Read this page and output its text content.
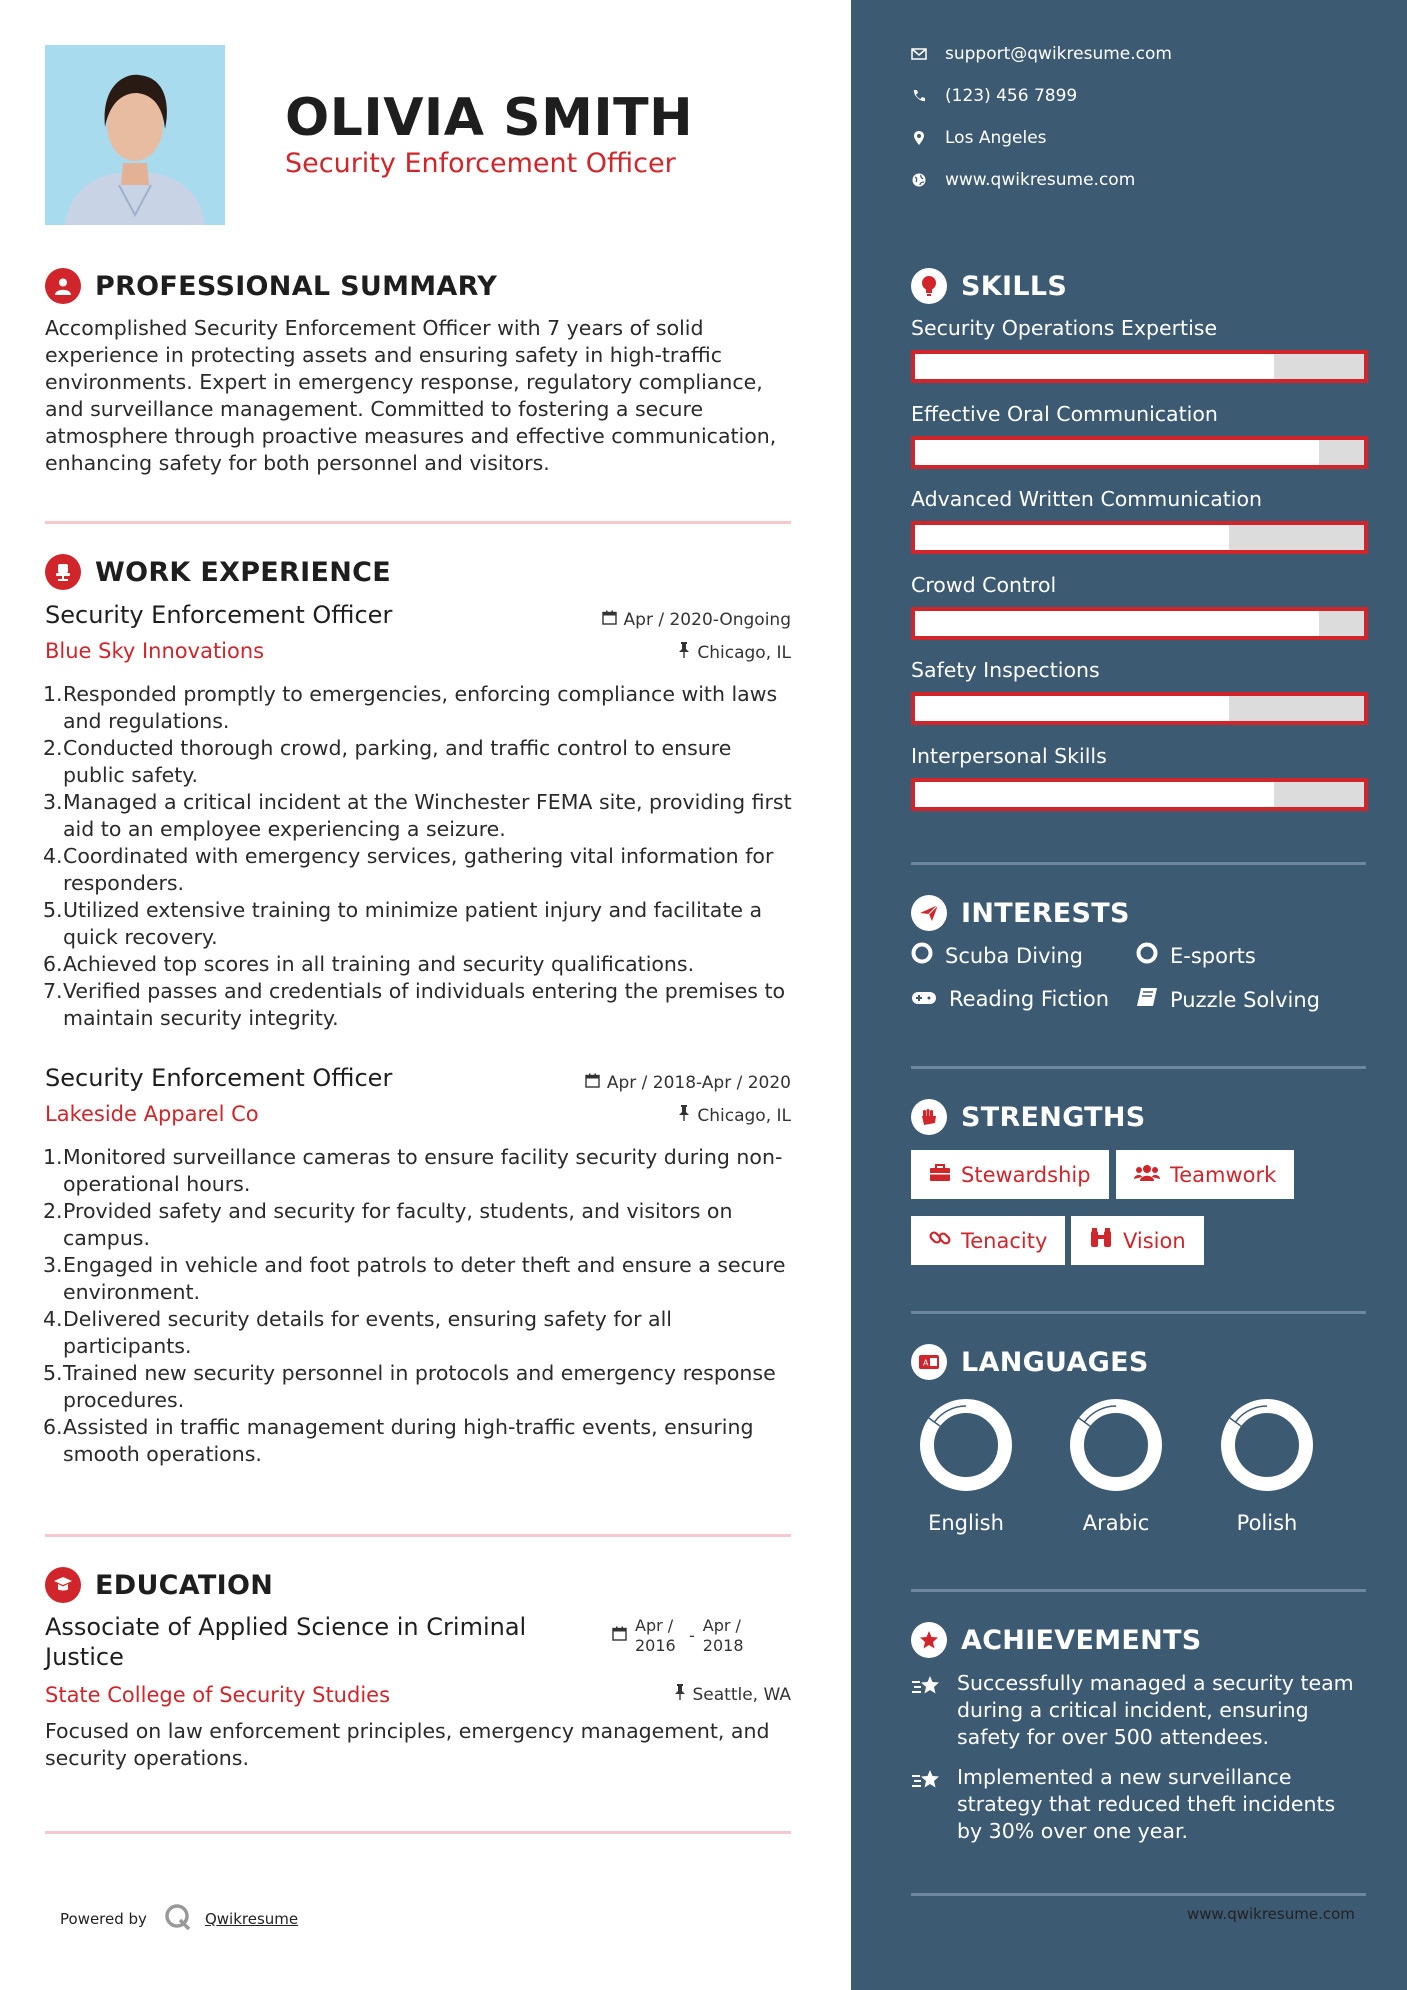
OLIVIA SMITH
Security Enforcement Officer
PROFESSIONAL SUMMARY
Accomplished Security Enforcement Officer with 7 years of solid experience in protecting assets and ensuring safety in high-traffic environments. Expert in emergency response, regulatory compliance, and surveillance management. Committed to fostering a secure atmosphere through proactive measures and effective communication, enhancing safety for both personnel and visitors.
WORK EXPERIENCE
Security Enforcement Officer	Apr / 2020-Ongoing
Blue Sky Innovations	Chicago, IL
1. Responded promptly to emergencies, enforcing compliance with laws and regulations.
2. Conducted thorough crowd, parking, and traffic control to ensure public safety.
3. Managed a critical incident at the Winchester FEMA site, providing first aid to an employee experiencing a seizure.
4. Coordinated with emergency services, gathering vital information for responders.
5. Utilized extensive training to minimize patient injury and facilitate a quick recovery.
6. Achieved top scores in all training and security qualifications.
7. Verified passes and credentials of individuals entering the premises to maintain security integrity.
Security Enforcement Officer	Apr / 2018-Apr / 2020
Lakeside Apparel Co	Chicago, IL
1. Monitored surveillance cameras to ensure facility security during non-operational hours.
2. Provided safety and security for faculty, students, and visitors on campus.
3. Engaged in vehicle and foot patrols to deter theft and ensure a secure environment.
4. Delivered security details for events, ensuring safety for all participants.
5. Trained new security personnel in protocols and emergency response procedures.
6. Assisted in traffic management during high-traffic events, ensuring smooth operations.
EDUCATION
Associate of Applied Science in Criminal Justice
Apr / 2016
-
Apr / 2018
State College of Security Studies	Seattle, WA
Focused on law enforcement principles, emergency management, and security operations.
Powered by	Qwikresume
support@qwikresume.com
(123) 456 7899
Los Angeles
www.qwikresume.com
SKILLS
Security Operations Expertise
Effective Oral Communication
Advanced Written Communication
Crowd Control
Safety Inspections
Interpersonal Skills
INTERESTS
Scuba Diving	E-sports
Reading Fiction	Puzzle Solving
STRENGTHS
Stewardship	Teamwork
Tenacity	Vision
A LANGUAGES
English	Arabic	Polish
ACHIEVEMENTS
Successfully managed a security team during a critical incident, ensuring safety for over 500 attendees.
Implemented a new surveillance strategy that reduced theft incidents by 30% over one year.
www.qwikresume.com
